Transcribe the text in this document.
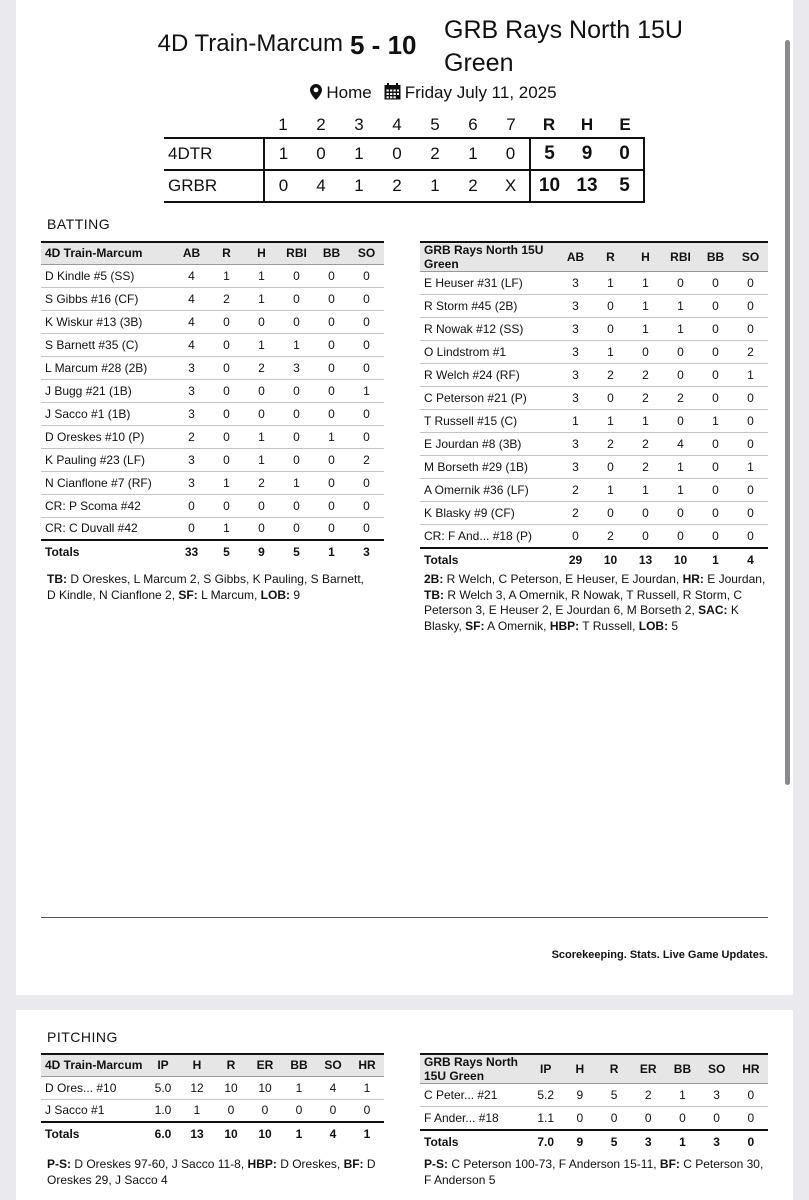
4D Train-Marcum 5 - 10 GRB Rays North 15U Green
Home Friday July 11, 2025
	1	2	3	4	5	6	7	R	H	E
4DTR	1	0	1	0	2	1	0	5	9	0
GRBR	0	4	1	2	1	2	X	10	13	5
BATTING
4D Train-Marcum	AB	R	H	RBI	BB	SO
D Kindle #5 (SS)	4	1	1	0	0	0
S Gibbs #16 (CF)	4	2	1	0	0	0
K Wiskur #13 (3B)	4	0	0	0	0	0
S Barnett #35 (C)	4	0	1	1	0	0
L Marcum #28 (2B)	3	0	2	3	0	0
J Bugg #21 (1B)	3	0	0	0	0	1
J Sacco #1 (1B)	3	0	0	0	0	0
D Oreskes #10 (P)	2	0	1	0	1	0
K Pauling #23 (LF)	3	0	1	0	0	2
N Cianflone #7 (RF)	3	1	2	1	0	0
CR: P Scoma #42	0	0	0	0	0	0
CR: C Duvall #42	0	1	0	0	0	0
Totals	33	5	9	5	1	3
GRB Rays North 15U Green	AB	R	H	RBI	BB	SO
E Heuser #31 (LF)	3	1	1	0	0	0
R Storm #45 (2B)	3	0	1	1	0	0
R Nowak #12 (SS)	3	0	1	1	0	0
O Lindstrom #1	3	1	0	0	0	2
R Welch #24 (RF)	3	2	2	0	0	1
C Peterson #21 (P)	3	0	2	2	0	0
T Russell #15 (C)	1	1	1	0	1	0
E Jourdan #8 (3B)	3	2	2	4	0	0
M Borseth #29 (1B)	3	0	2	1	0	1
A Omernik #36 (LF)	2	1	1	1	0	0
K Blasky #9 (CF)	2	0	0	0	0	0
CR: F And... #18 (P)	0	2	0	0	0	0
Totals	29	10	13	10	1	4
TB: D Oreskes, L Marcum 2, S Gibbs, K Pauling, S Barnett, D Kindle, N Cianflone 2, SF: L Marcum, LOB: 9
2B: R Welch, C Peterson, E Heuser, E Jourdan, HR: E Jourdan, TB: R Welch 3, A Omernik, R Nowak, T Russell, R Storm, C Peterson 3, E Heuser 2, E Jourdan 6, M Borseth 2, SAC: K Blasky, SF: A Omernik, HBP: T Russell, LOB: 5
Scorekeeping. Stats. Live Game Updates.
PITCHING
4D Train-Marcum	IP	H	R	ER	BB	SO	HR
D Ores... #10	5.0	12	10	10	1	4	1
J Sacco #1	1.0	1	0	0	0	0	0
Totals	6.0	13	10	10	1	4	1
GRB Rays North 15U Green	IP	H	R	ER	BB	SO	HR
C Peter... #21	5.2	9	5	2	1	3	0
F Ander... #18	1.1	0	0	0	0	0	0
Totals	7.0	9	5	3	1	3	0
P-S: D Oreskes 97-60, J Sacco 11-8, HBP: D Oreskes, BF: D Oreskes 29, J Sacco 4
P-S: C Peterson 100-73, F Anderson 15-11, BF: C Peterson 30, F Anderson 5
